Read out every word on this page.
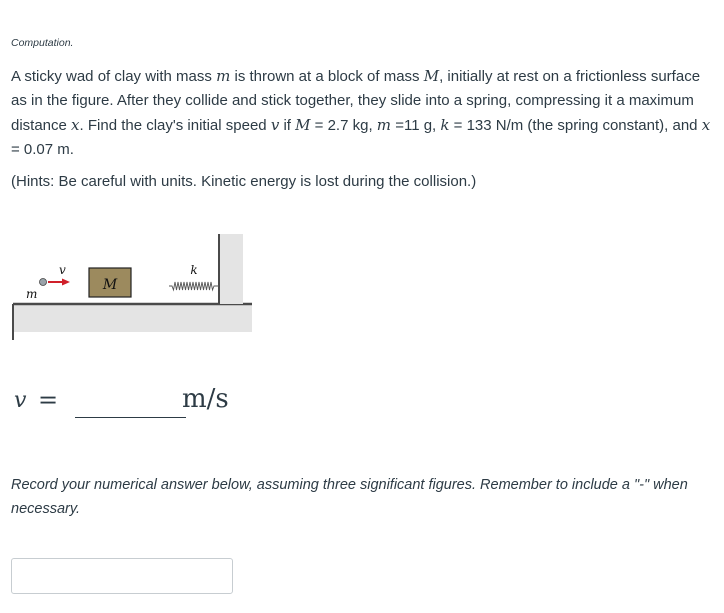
Computation.
A sticky wad of clay with mass m is thrown at a block of mass M, initially at rest on a frictionless surface as in the figure. After they collide and stick together, they slide into a spring, compressing it a maximum distance x. Find the clay's initial speed v if M = 2.7 kg, m =11 g, k = 133 N/m (the spring constant), and x = 0.07 m.
(Hints: Be careful with units. Kinetic energy is lost during the collision.)
v
m
M
k
v =	m/s
Record your numerical answer below, assuming three significant figures. Remember to include a "-" when necessary.
